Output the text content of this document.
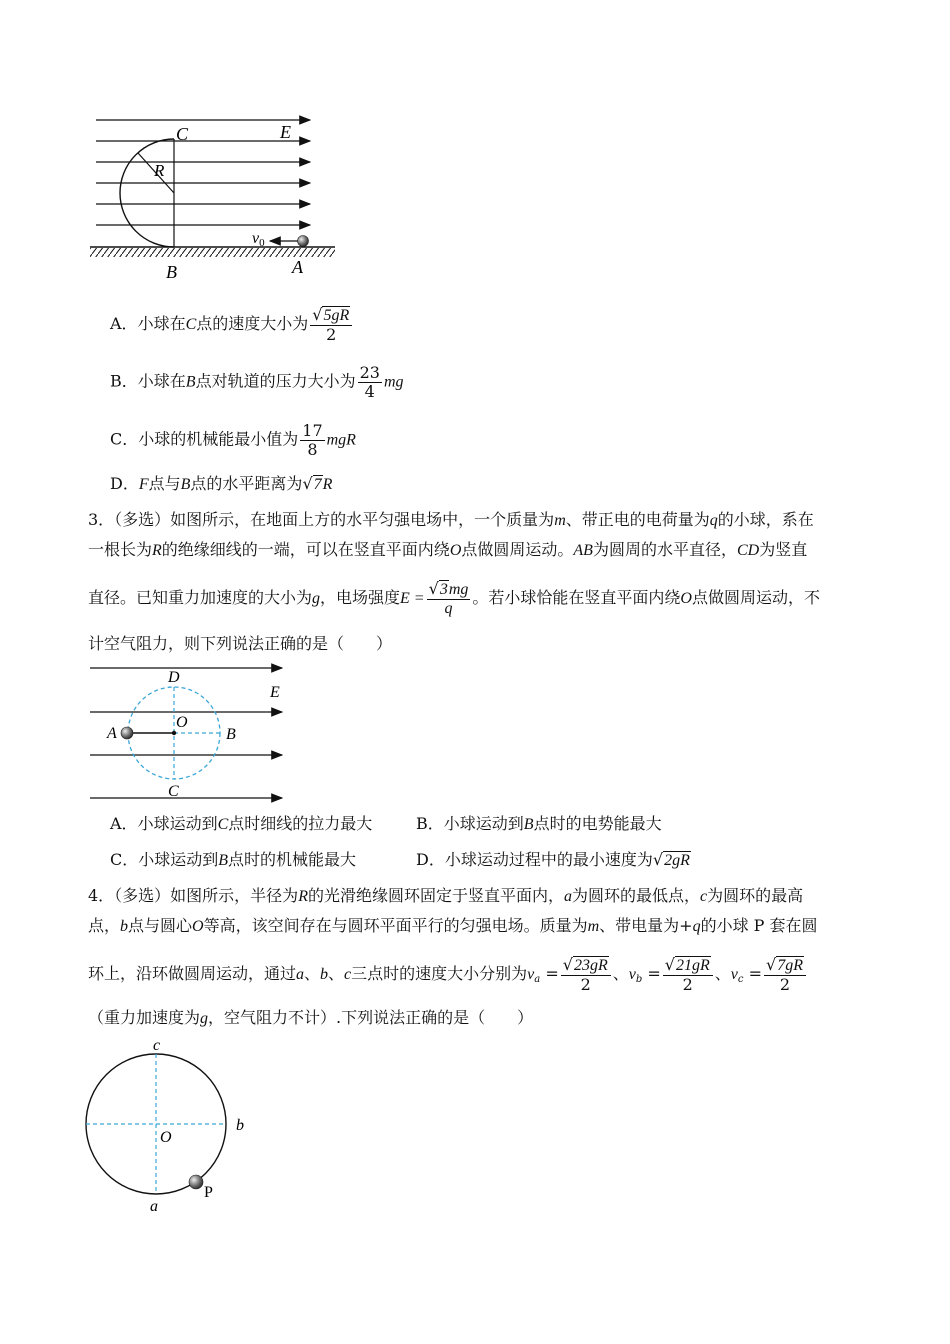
C	E
R
v0
B	A
A．小球在C点的速度大小为 $\frac{√5gR}{2}$
B．小球在B点对轨道的压力大小为 $\frac{23}{4}$ mg
C．小球的机械能最小值为 $\frac{17}{8}$ mgR
D．F点与B点的水平距离为√7R
3．（多选）如图所示，在地面上方的水平匀强电场中，一个质量为m、带正电的电荷量为q的小球，系在
一根长为R的绝缘细线的一端，可以在竖直平面内绕O点做圆周运动。AB为圆周的水平直径，CD为竖直
直径。已知重力加速度的大小为g，电场强度$E = \frac{√3mg}{q}$ 。若小球恰能在竖直平面内绕O点做圆周运动，不
计空气阻力，则下列说法正确的是（　　）
D
E
A
O
B
C
A．小球运动到C点时细线的拉力最大	B．小球运动到B点时的电势能最大
C．小球运动到B点时的机械能最大	D．小球运动过程中的最小速度为√2gR
4．（多选）如图所示，半径为R的光滑绝缘圆环固定于竖直平面内，a为圆环的最低点，c为圆环的最高
点，b点与圆心O等高，该空间存在与圆环平面平行的匀强电场。质量为m、带电量为+q的小球 P 套在圆
环上，沿环做圆周运动，通过a、b、c三点时的速度大小分别为$v_a = \frac{√23gR}{2}$ 、$v_b = \frac{√21gR}{2}$ 、$v_c = \frac{√7gR}{2}$
（重力加速度为g，空气阻力不计）.下列说法正确的是（　　）
c
b
O
a
P
